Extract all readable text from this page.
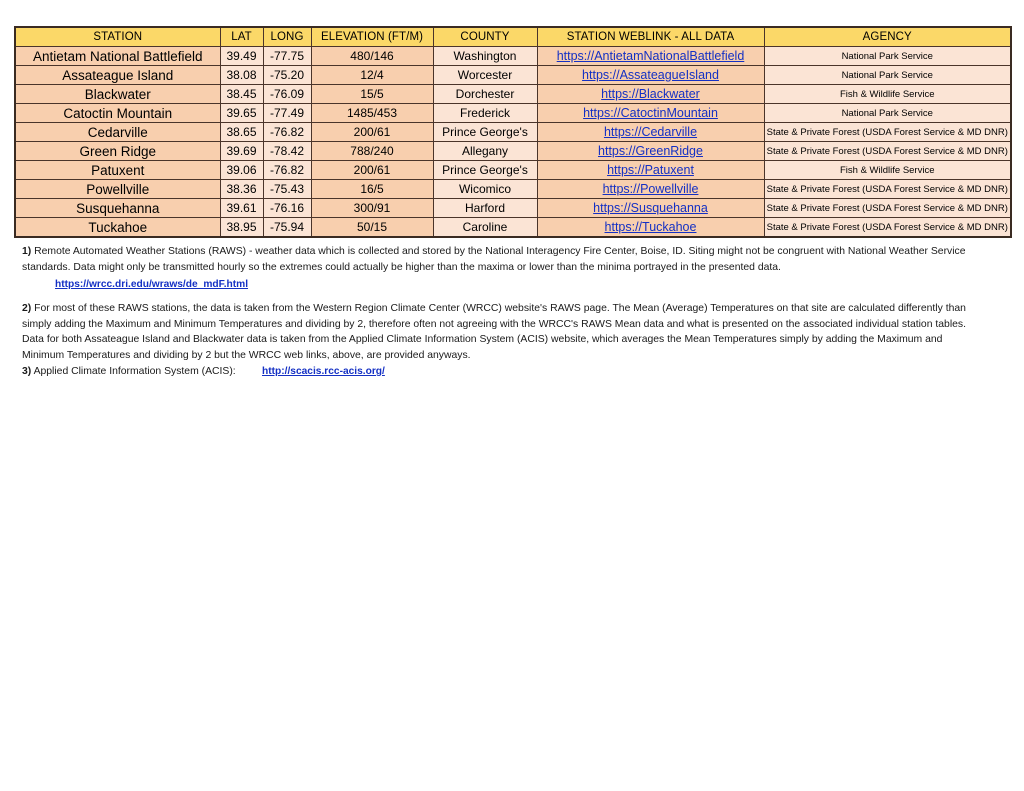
STATION	LAT	LONG	ELEVATION (FT/M)	COUNTY	STATION WEBLINK - ALL DATA	AGENCY
Antietam National Battlefield	39.49	-77.75	480/146	Washington	https://AntietamNationalBattlefield	National Park Service
Assateague Island	38.08	-75.20	12/4	Worcester	https://AssateagueIsland	National Park Service
Blackwater	38.45	-76.09	15/5	Dorchester	https://Blackwater	Fish & Wildlife Service
Catoctin Mountain	39.65	-77.49	1485/453	Frederick	https://CatoctinMountain	National Park Service
Cedarville	38.65	-76.82	200/61	Prince George's	https://Cedarville	State & Private Forest (USDA Forest Service & MD DNR)
Green Ridge	39.69	-78.42	788/240	Allegany	https://GreenRidge	State & Private Forest (USDA Forest Service & MD DNR)
Patuxent	39.06	-76.82	200/61	Prince George's	https://Patuxent	Fish & Wildlife Service
Powellville	38.36	-75.43	16/5	Wicomico	https://Powellville	State & Private Forest (USDA Forest Service & MD DNR)
Susquehanna	39.61	-76.16	300/91	Harford	https://Susquehanna	State & Private Forest (USDA Forest Service & MD DNR)
Tuckahoe	38.95	-75.94	50/15	Caroline	https://Tuckahoe	State & Private Forest (USDA Forest Service & MD DNR)
1) Remote Automated Weather Stations (RAWS) - weather data which is collected and stored by the National Interagency Fire Center, Boise, ID. Siting might not be congruent with National Weather Service standards. Data might only be transmitted hourly so the extremes could actually be higher than the maxima or lower than the minima portrayed in the presented data.
https://wrcc.dri.edu/wraws/de_mdF.html
2) For most of these RAWS stations, the data is taken from the Western Region Climate Center (WRCC) website's RAWS page. The Mean (Average) Temperatures on that site are calculated differently than simply adding the Maximum and Minimum Temperatures and dividing by 2, therefore often not agreeing with the WRCC's RAWS Mean data and what is presented on the associated individual station tables. Data for both Assateague Island and Blackwater data is taken from the Applied Climate Information System (ACIS) website, which averages the Mean Temperatures simply by adding the Maximum and Minimum Temperatures and dividing by 2 but the WRCC web links, above, are provided anyways.
3) Applied Climate Information System (ACIS):	http://scacis.rcc-acis.org/
